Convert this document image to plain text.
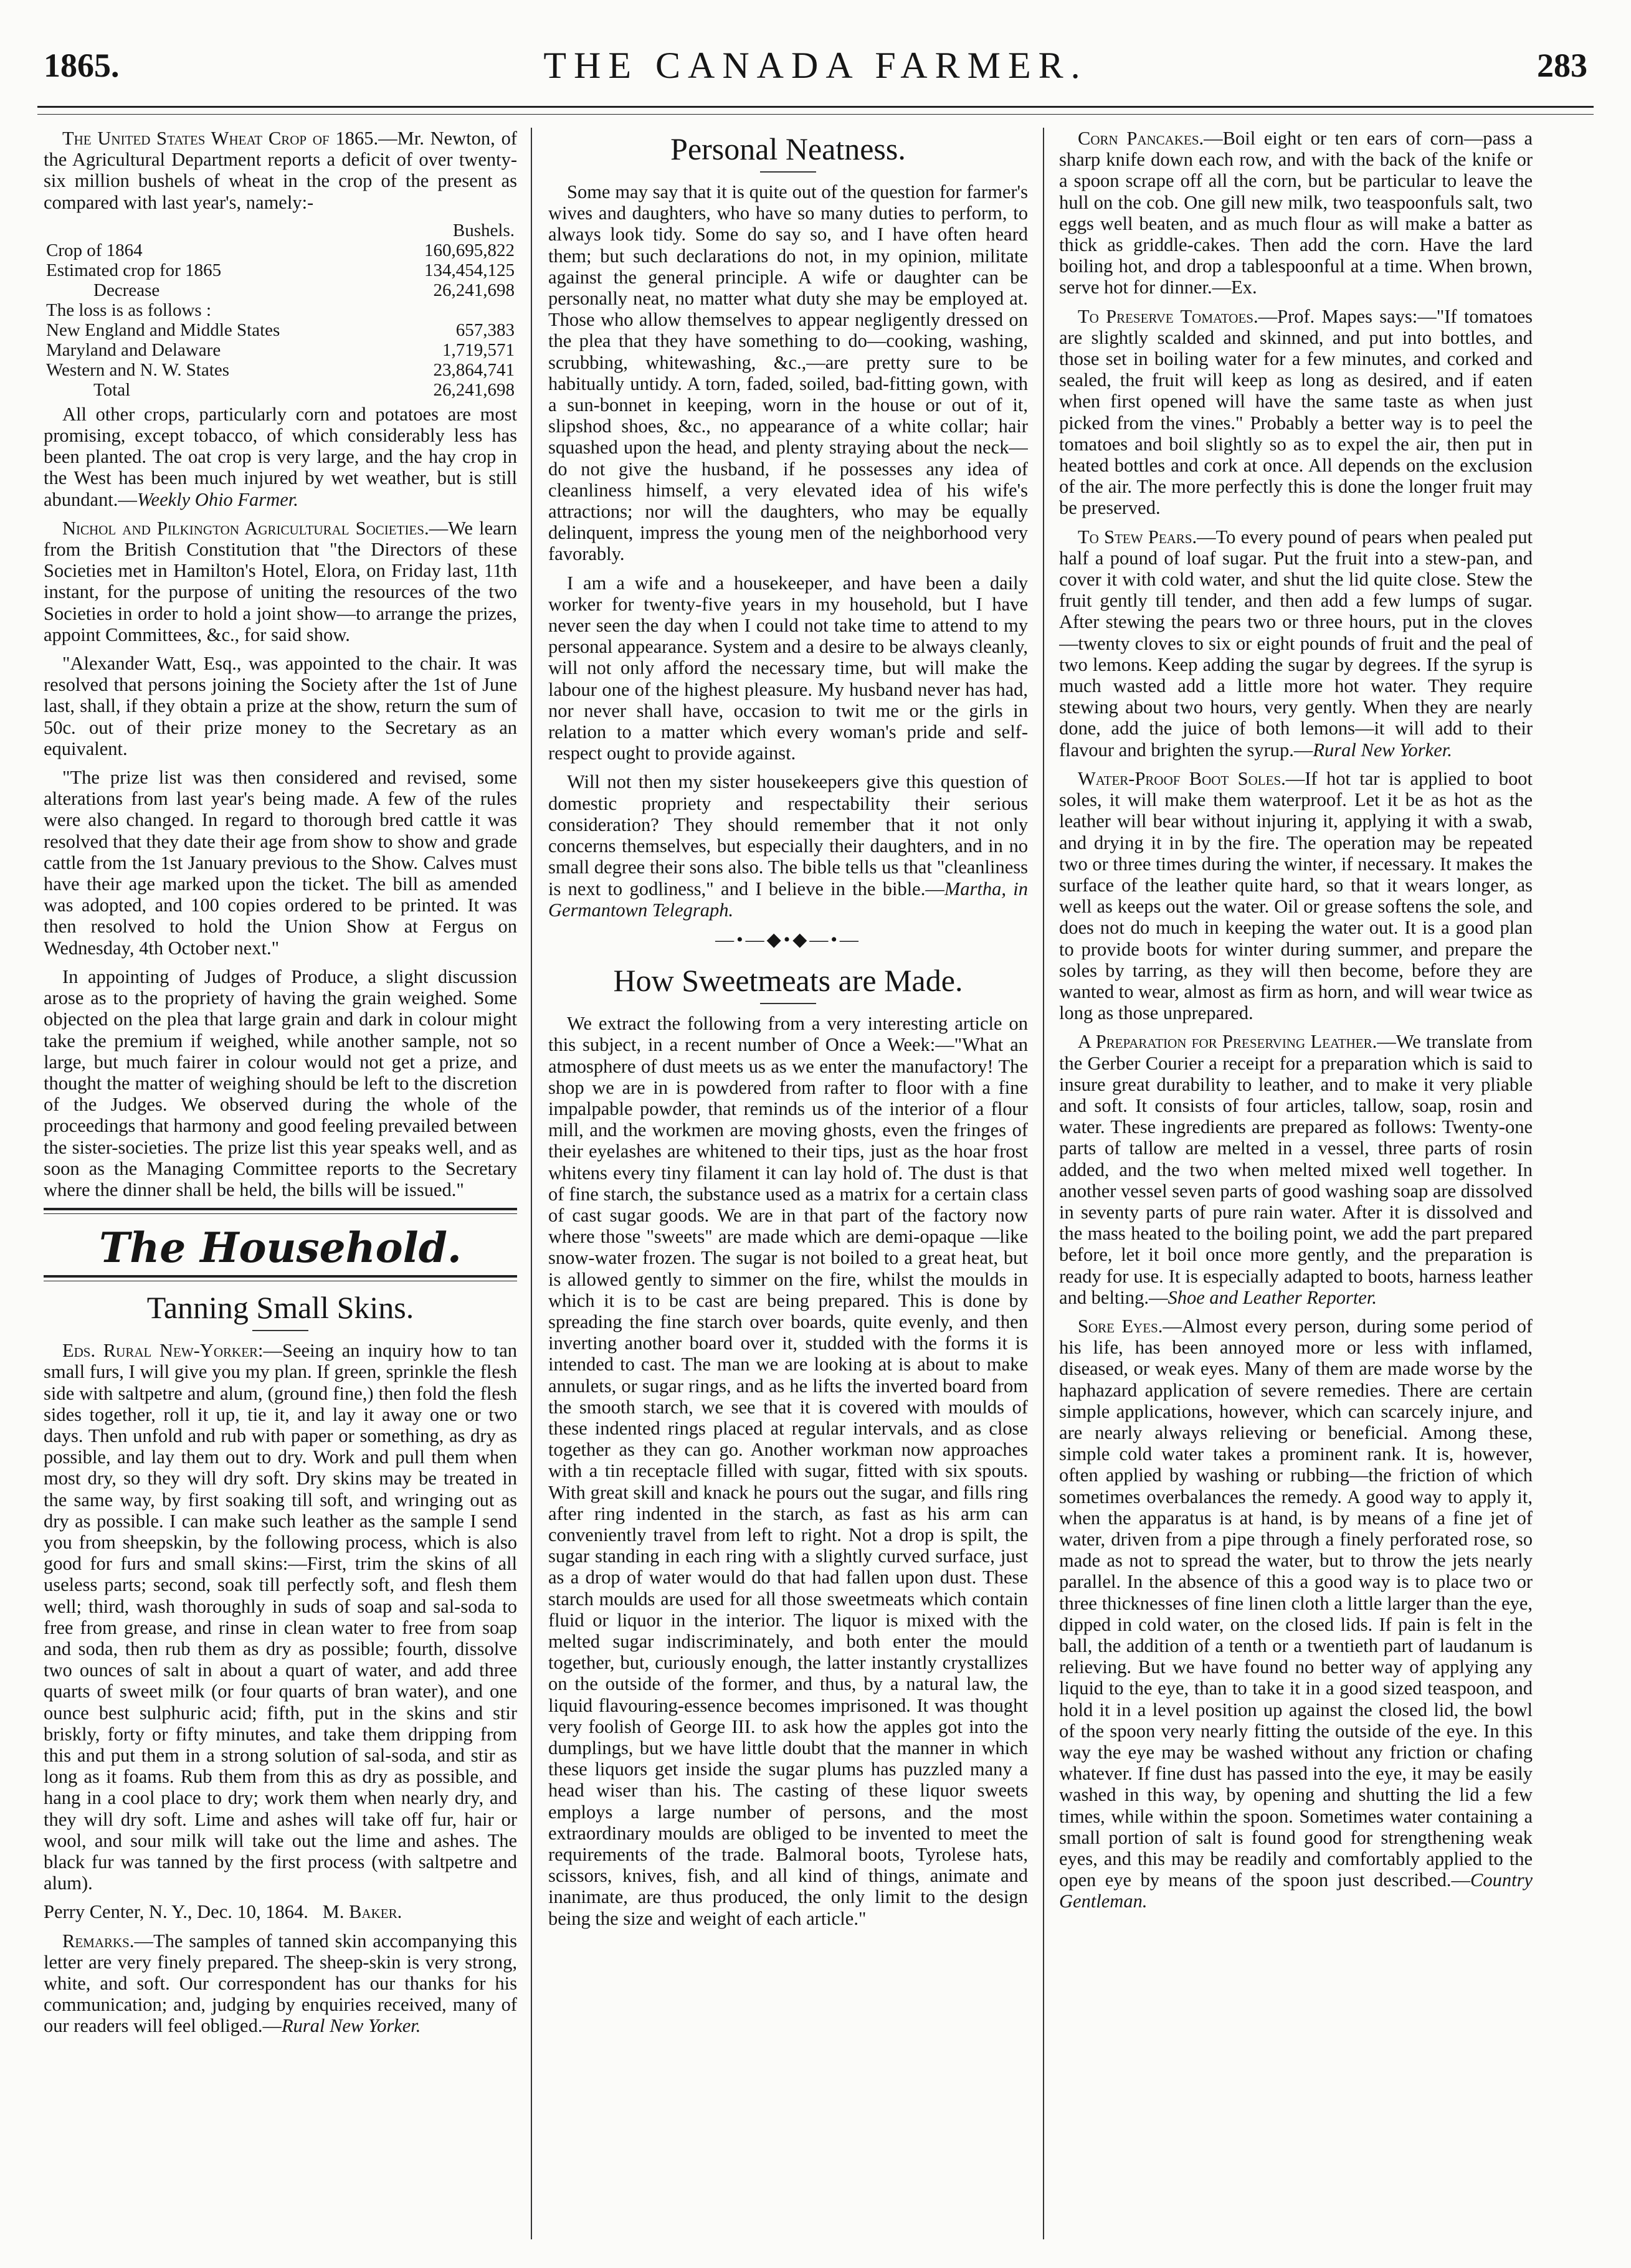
1865.	THE CANADA FARMER.	283

The United States Wheat Crop of 1865.—Mr. Newton, of the Agricultural Department reports a deficit of over twenty-six million bushels of wheat in the crop of the present as compared with last year's, namely:-

	Bushels.
Crop of 1864	160,695,822
Estimated crop for 1865	134,454,125
Decrease	26,241,698
The loss is as follows :	
New England and Middle States	657,383
Maryland and Delaware	1,719,571
Western and N. W. States	23,864,741
Total	26,241,698

All other crops, particularly corn and potatoes are most promising, except tobacco, of which considerably less has been planted. The oat crop is very large, and the hay crop in the West has been much injured by wet weather, but is still abundant.—Weekly Ohio Farmer.

Nichol and Pilkington Agricultural Societies.—We learn from the British Constitution that "the Directors of these Societies met in Hamilton's Hotel, Elora, on Friday last, 11th instant, for the purpose of uniting the resources of the two Societies in order to hold a joint show—to arrange the prizes, appoint Committees, &c., for said show.

"Alexander Watt, Esq., was appointed to the chair. It was resolved that persons joining the Society after the 1st of June last, shall, if they obtain a prize at the show, return the sum of 50c. out of their prize money to the Secretary as an equivalent.

"The prize list was then considered and revised, some alterations from last year's being made. A few of the rules were also changed. In regard to thorough bred cattle it was resolved that they date their age from show to show and grade cattle from the 1st January previous to the Show. Calves must have their age marked upon the ticket. The bill as amended was adopted, and 100 copies ordered to be printed. It was then resolved to hold the Union Show at Fergus on Wednesday, 4th October next."

In appointing of Judges of Produce, a slight discussion arose as to the propriety of having the grain weighed. Some objected on the plea that large grain and dark in colour might take the premium if weighed, while another sample, not so large, but much fairer in colour would not get a prize, and thought the matter of weighing should be left to the discretion of the Judges. We observed during the whole of the proceedings that harmony and good feeling prevailed between the sister-societies. The prize list this year speaks well, and as soon as the Managing Committee reports to the Secretary where the dinner shall be held, the bills will be issued."

The Household.
Tanning Small Skins.

Eds. Rural New-Yorker:—Seeing an inquiry how to tan small furs, I will give you my plan. If green, sprinkle the flesh side with saltpetre and alum, (ground fine,) then fold the flesh sides together, roll it up, tie it, and lay it away one or two days. Then unfold and rub with paper or something, as dry as possible, and lay them out to dry. Work and pull them when most dry, so they will dry soft. Dry skins may be treated in the same way, by first soaking till soft, and wringing out as dry as possible. I can make such leather as the sample I send you from sheepskin, by the following process, which is also good for furs and small skins:—First, trim the skins of all useless parts; second, soak till perfectly soft, and flesh them well; third, wash thoroughly in suds of soap and sal-soda to free from grease, and rinse in clean water to free from soap and soda, then rub them as dry as possible; fourth, dissolve two ounces of salt in about a quart of water, and add three quarts of sweet milk (or four quarts of bran water), and one ounce best sulphuric acid; fifth, put in the skins and stir briskly, forty or fifty minutes, and take them dripping from this and put them in a strong solution of sal-soda, and stir as long as it foams. Rub them from this as dry as possible, and hang in a cool place to dry; work them when nearly dry, and they will dry soft. Lime and ashes will take off fur, hair or wool, and sour milk will take out the lime and ashes. The black fur was tanned by the first process (with saltpetre and alum).

Perry Center, N. Y., Dec. 10, 1864. M. Baker.

Remarks.—The samples of tanned skin accompanying this letter are very finely prepared. The sheep-skin is very strong, white, and soft. Our correspondent has our thanks for his communication; and, judging by enquiries received, many of our readers will feel obliged.—Rural New Yorker.

Personal Neatness.

Some may say that it is quite out of the question for farmer's wives and daughters, who have so many duties to perform, to always look tidy. Some do say so, and I have often heard them; but such declarations do not, in my opinion, militate against the general principle. A wife or daughter can be personally neat, no matter what duty she may be employed at. Those who allow themselves to appear negligently dressed on the plea that they have something to do—cooking, washing, scrubbing, whitewashing, &c.,—are pretty sure to be habitually untidy. A torn, faded, soiled, bad-fitting gown, with a sun-bonnet in keeping, worn in the house or out of it, slipshod shoes, &c., no appearance of a white collar; hair squashed upon the head, and plenty straying about the neck—do not give the husband, if he possesses any idea of cleanliness himself, a very elevated idea of his wife's attractions; nor will the daughters, who may be equally delinquent, impress the young men of the neighborhood very favorably.

I am a wife and a housekeeper, and have been a daily worker for twenty-five years in my household, but I have never seen the day when I could not take time to attend to my personal appearance. System and a desire to be always cleanly, will not only afford the necessary time, but will make the labour one of the highest pleasure. My husband never has had, nor never shall have, occasion to twit me or the girls in relation to a matter which every woman's pride and self-respect ought to provide against.

Will not then my sister housekeepers give this question of domestic propriety and respectability their serious consideration? They should remember that it not only concerns themselves, but especially their daughters, and in no small degree their sons also. The bible tells us that "cleanliness is next to godliness," and I believe in the bible.—Martha, in Germantown Telegraph.

—•—◆•◆—•—
How Sweetmeats are Made.

We extract the following from a very interesting article on this subject, in a recent number of Once a Week:—"What an atmosphere of dust meets us as we enter the manufactory! The shop we are in is powdered from rafter to floor with a fine impalpable powder, that reminds us of the interior of a flour mill, and the workmen are moving ghosts, even the fringes of their eyelashes are whitened to their tips, just as the hoar frost whitens every tiny filament it can lay hold of. The dust is that of fine starch, the substance used as a matrix for a certain class of cast sugar goods. We are in that part of the factory now where those "sweets" are made which are demi-opaque —like snow-water frozen. The sugar is not boiled to a great heat, but is allowed gently to simmer on the fire, whilst the moulds in which it is to be cast are being prepared. This is done by spreading the fine starch over boards, quite evenly, and then inverting another board over it, studded with the forms it is intended to cast. The man we are looking at is about to make annulets, or sugar rings, and as he lifts the inverted board from the smooth starch, we see that it is covered with moulds of these indented rings placed at regular intervals, and as close together as they can go. Another workman now approaches with a tin receptacle filled with sugar, fitted with six spouts. With great skill and knack he pours out the sugar, and fills ring after ring indented in the starch, as fast as his arm can conveniently travel from left to right. Not a drop is spilt, the sugar standing in each ring with a slightly curved surface, just as a drop of water would do that had fallen upon dust. These starch moulds are used for all those sweetmeats which contain fluid or liquor in the interior. The liquor is mixed with the melted sugar indiscriminately, and both enter the mould together, but, curiously enough, the latter instantly crystallizes on the outside of the former, and thus, by a natural law, the liquid flavouring-essence becomes imprisoned. It was thought very foolish of George III. to ask how the apples got into the dumplings, but we have little doubt that the manner in which these liquors get inside the sugar plums has puzzled many a head wiser than his. The casting of these liquor sweets employs a large number of persons, and the most extraordinary moulds are obliged to be invented to meet the requirements of the trade. Balmoral boots, Tyrolese hats, scissors, knives, fish, and all kind of things, animate and inanimate, are thus produced, the only limit to the design being the size and weight of each article."

Corn Pancakes.—Boil eight or ten ears of corn—pass a sharp knife down each row, and with the back of the knife or a spoon scrape off all the corn, but be particular to leave the hull on the cob. One gill new milk, two teaspoonfuls salt, two eggs well beaten, and as much flour as will make a batter as thick as griddle-cakes. Then add the corn. Have the lard boiling hot, and drop a tablespoonful at a time. When brown, serve hot for dinner.—Ex.

To Preserve Tomatoes.—Prof. Mapes says:—"If tomatoes are slightly scalded and skinned, and put into bottles, and those set in boiling water for a few minutes, and corked and sealed, the fruit will keep as long as desired, and if eaten when first opened will have the same taste as when just picked from the vines." Probably a better way is to peel the tomatoes and boil slightly so as to expel the air, then put in heated bottles and cork at once. All depends on the exclusion of the air. The more perfectly this is done the longer fruit may be preserved.

To Stew Pears.—To every pound of pears when pealed put half a pound of loaf sugar. Put the fruit into a stew-pan, and cover it with cold water, and shut the lid quite close. Stew the fruit gently till tender, and then add a few lumps of sugar. After stewing the pears two or three hours, put in the cloves—twenty cloves to six or eight pounds of fruit and the peal of two lemons. Keep adding the sugar by degrees. If the syrup is much wasted add a little more hot water. They require stewing about two hours, very gently. When they are nearly done, add the juice of both lemons—it will add to their flavour and brighten the syrup.—Rural New Yorker.

Water-Proof Boot Soles.—If hot tar is applied to boot soles, it will make them waterproof. Let it be as hot as the leather will bear without injuring it, applying it with a swab, and drying it in by the fire. The operation may be repeated two or three times during the winter, if necessary. It makes the surface of the leather quite hard, so that it wears longer, as well as keeps out the water. Oil or grease softens the sole, and does not do much in keeping the water out. It is a good plan to provide boots for winter during summer, and prepare the soles by tarring, as they will then become, before they are wanted to wear, almost as firm as horn, and will wear twice as long as those unprepared.

A Preparation for Preserving Leather.—We translate from the Gerber Courier a receipt for a preparation which is said to insure great durability to leather, and to make it very pliable and soft. It consists of four articles, tallow, soap, rosin and water. These ingredients are prepared as follows: Twenty-one parts of tallow are melted in a vessel, three parts of rosin added, and the two when melted mixed well together. In another vessel seven parts of good washing soap are dissolved in seventy parts of pure rain water. After it is dissolved and the mass heated to the boiling point, we add the part prepared before, let it boil once more gently, and the preparation is ready for use. It is especially adapted to boots, harness leather and belting.—Shoe and Leather Reporter.

Sore Eyes.—Almost every person, during some period of his life, has been annoyed more or less with inflamed, diseased, or weak eyes. Many of them are made worse by the haphazard application of severe remedies. There are certain simple applications, however, which can scarcely injure, and are nearly always relieving or beneficial. Among these, simple cold water takes a prominent rank. It is, however, often applied by washing or rubbing—the friction of which sometimes overbalances the remedy. A good way to apply it, when the apparatus is at hand, is by means of a fine jet of water, driven from a pipe through a finely perforated rose, so made as not to spread the water, but to throw the jets nearly parallel. In the absence of this a good way is to place two or three thicknesses of fine linen cloth a little larger than the eye, dipped in cold water, on the closed lids. If pain is felt in the ball, the addition of a tenth or a twentieth part of laudanum is relieving. But we have found no better way of applying any liquid to the eye, than to take it in a good sized teaspoon, and hold it in a level position up against the closed lid, the bowl of the spoon very nearly fitting the outside of the eye. In this way the eye may be washed without any friction or chafing whatever. If fine dust has passed into the eye, it may be easily washed in this way, by opening and shutting the lid a few times, while within the spoon. Sometimes water containing a small portion of salt is found good for strengthening weak eyes, and this may be readily and comfortably applied to the open eye by means of the spoon just described.—Country Gentleman.
